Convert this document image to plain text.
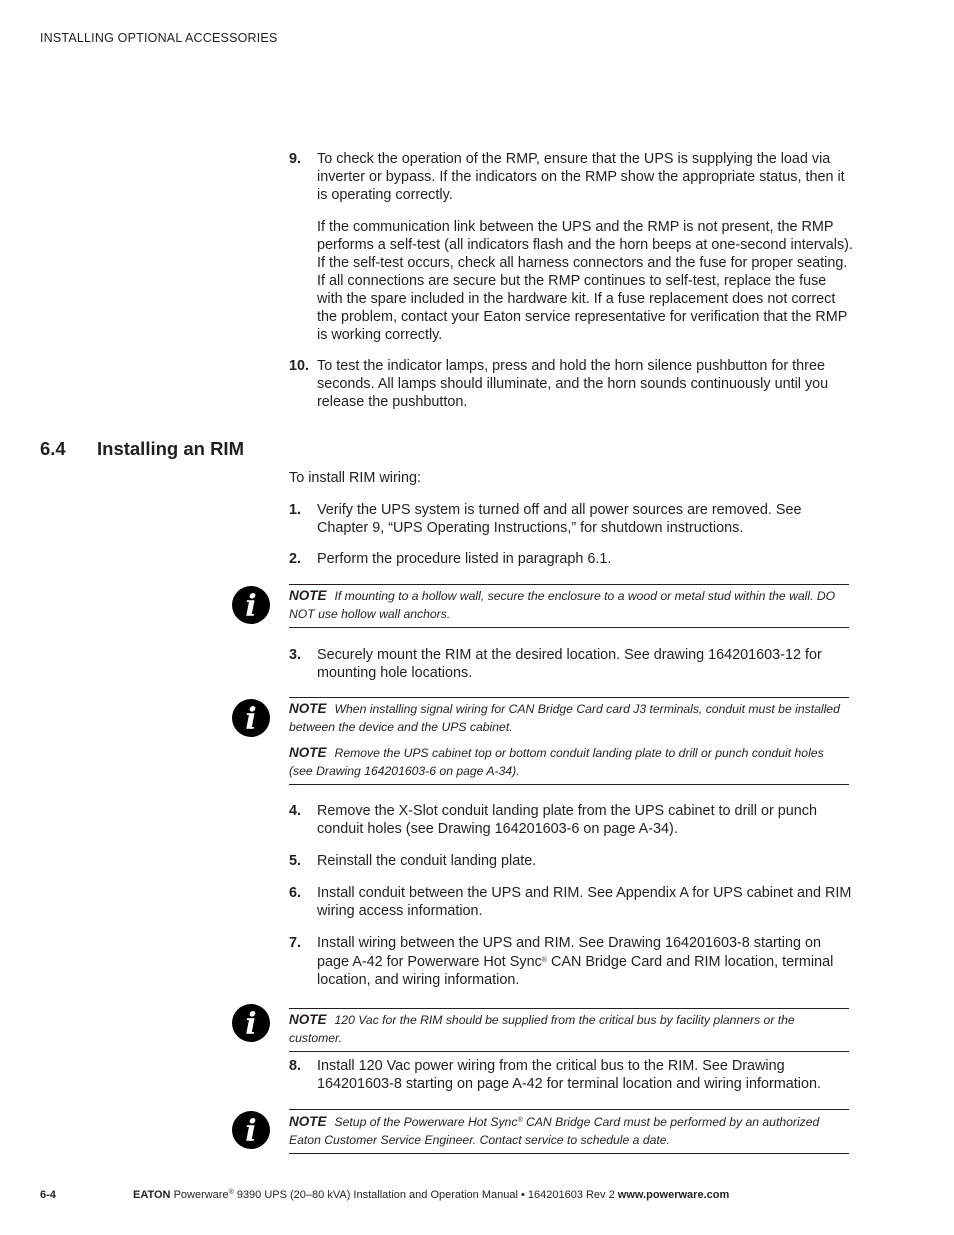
INSTALLING OPTIONAL ACCESSORIES
9. To check the operation of the RMP, ensure that the UPS is supplying the load via inverter or bypass. If the indicators on the RMP show the appropriate status, then it is operating correctly.

If the communication link between the UPS and the RMP is not present, the RMP performs a self-test (all indicators flash and the horn beeps at one-second intervals). If the self-test occurs, check all harness connectors and the fuse for proper seating. If all connections are secure but the RMP continues to self-test, replace the fuse with the spare included in the hardware kit. If a fuse replacement does not correct the problem, contact your Eaton service representative for verification that the RMP is working correctly.

10. To test the indicator lamps, press and hold the horn silence pushbutton for three seconds. All lamps should illuminate, and the horn sounds continuously until you release the pushbutton.
6.4 Installing an RIM

To install RIM wiring:

1. Verify the UPS system is turned off and all power sources are removed. See Chapter 9, “UPS Operating Instructions,” for shutdown instructions.
2. Perform the procedure listed in paragraph 6.1.
i NOTE If mounting to a hollow wall, secure the enclosure to a wood or metal stud within the wall. DO NOT use hollow wall anchors.

3. Securely mount the RIM at the desired location. See drawing 164201603-12 for mounting hole locations.
i NOTE When installing signal wiring for CAN Bridge Card card J3 terminals, conduit must be installed between the device and the UPS cabinet.

NOTE Remove the UPS cabinet top or bottom conduit landing plate to drill or punch conduit holes (see Drawing 164201603-6 on page A-34).

4. Remove the X-Slot conduit landing plate from the UPS cabinet to drill or punch conduit holes (see Drawing 164201603-6 on page A-34).
5. Reinstall the conduit landing plate.
6. Install conduit between the UPS and RIM. See Appendix A for UPS cabinet and RIM wiring access information.
7. Install wiring between the UPS and RIM. See Drawing 164201603-8 starting on page A-42 for Powerware Hot Sync® CAN Bridge Card and RIM location, terminal location, and wiring information.
i NOTE 120 Vac for the RIM should be supplied from the critical bus by facility planners or the customer.

8. Install 120 Vac power wiring from the critical bus to the RIM. See Drawing 164201603-8 starting on page A-42 for terminal location and wiring information.
i NOTE Setup of the Powerware Hot Sync® CAN Bridge Card must be performed by an authorized Eaton Customer Service Engineer. Contact service to schedule a date.

6-4	EATON Powerware® 9390 UPS (20–80 kVA) Installation and Operation Manual • 164201603 Rev 2 www.powerware.com
